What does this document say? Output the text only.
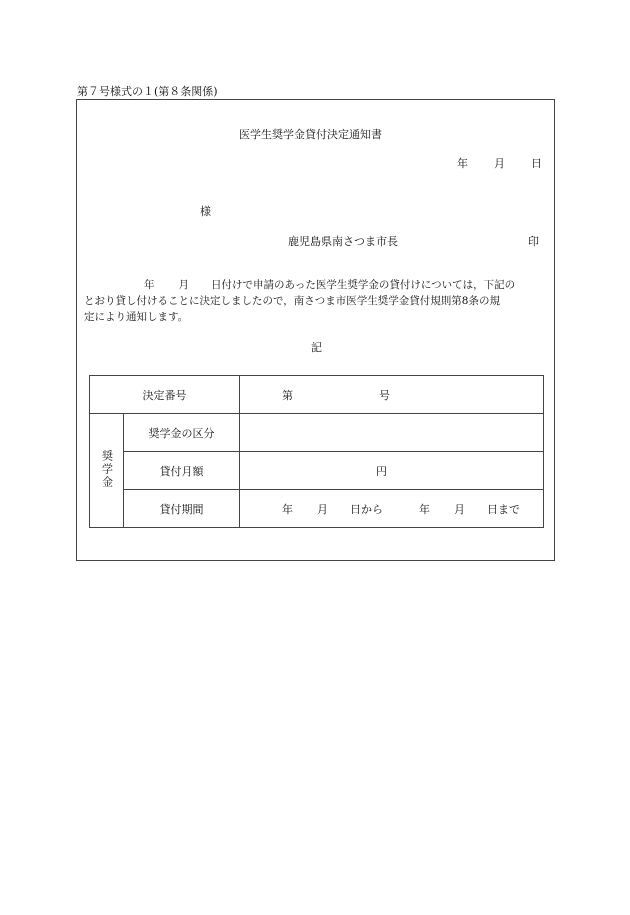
第７号様式の１(第８条関係)
医学生奨学金貸付決定通知書
年 月 日
様
鹿児島県南さつま市長	印
年 月 日付けで申請のあった医学生奨学金の貸付けについては，下記の
とおり貸し付けることに決定しましたので，南さつま市医学生奨学金貸付規則第8条の規
定により通知します。
記
決定番号		第 号
奨学金	奨学金の区分	
	貸付月額	円
	貸付期間	年 月 日から 年 月 日まで
